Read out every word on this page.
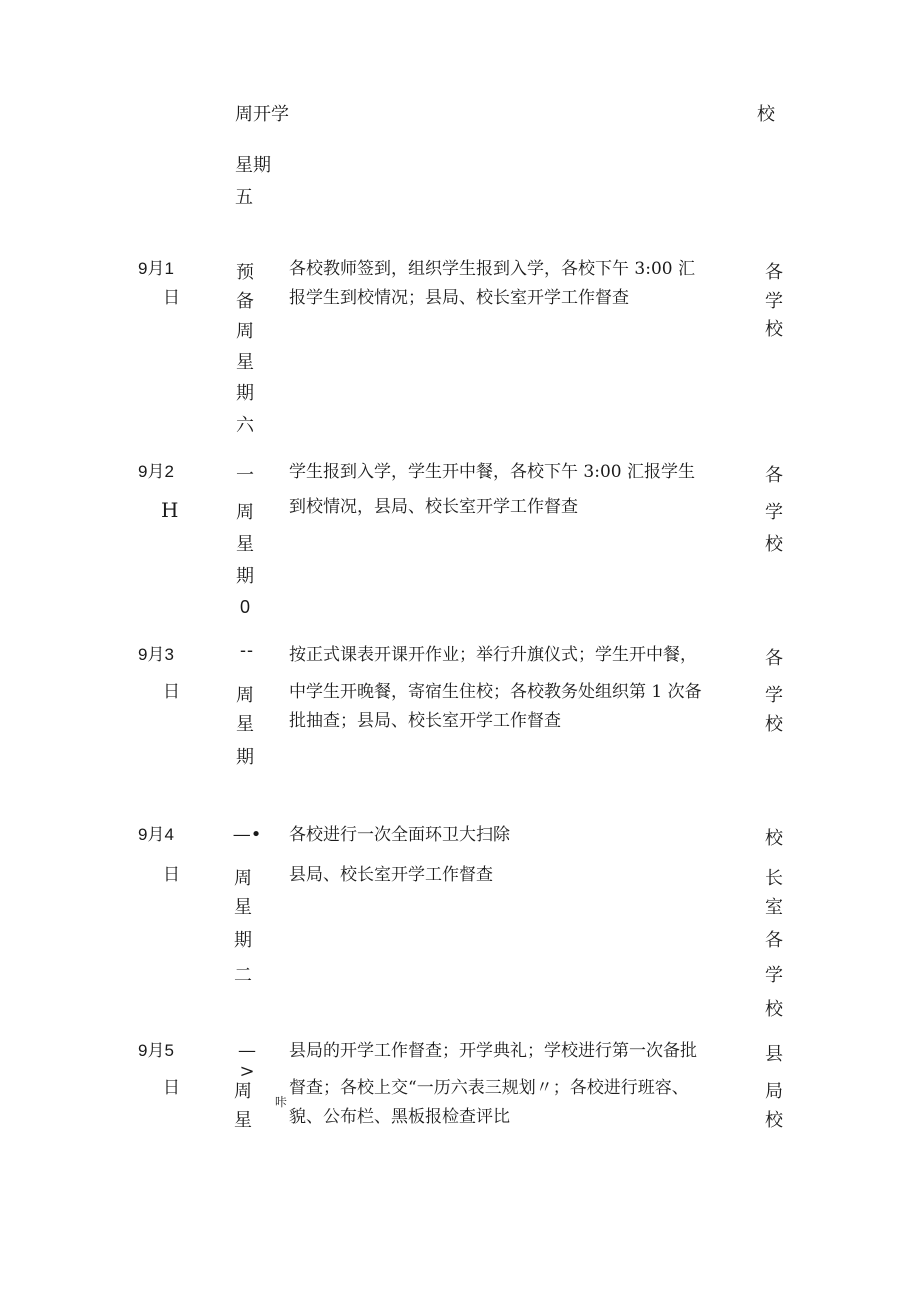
周开学	校
星期
五
9月1
日
预
备
周
星
期
六
各校教师签到，组织学生报到入学，各校下午 3:00 汇
报学生到校情况；县局、校长室开学工作督查
各
学
校
9月2
H
一
周
星
期
0
学生报到入学，学生开中餐，各校下午 3:00 汇报学生
到校情况，县局、校长室开学工作督查
各
学
校
9月3
日
--
周
星
期
按正式课表开课开作业；举行升旗仪式；学生开中餐，
中学生开晚餐，寄宿生住校；各校教务处组织第 1 次备
批抽查；县局、校长室开学工作督查
各
学
校
9月4
日
—•
周
星
期
二
各校进行一次全面环卫大扫除
县局、校长室开学工作督查
校
长
室
各
学
校
9月5
日
—>
周
星
咔
县局的开学工作督查；开学典礼；学校进行第一次备批
督查；各校上交“一历六表三规划〃；各校进行班容、
貌、公布栏、黑板报检查评比
县
局
校
